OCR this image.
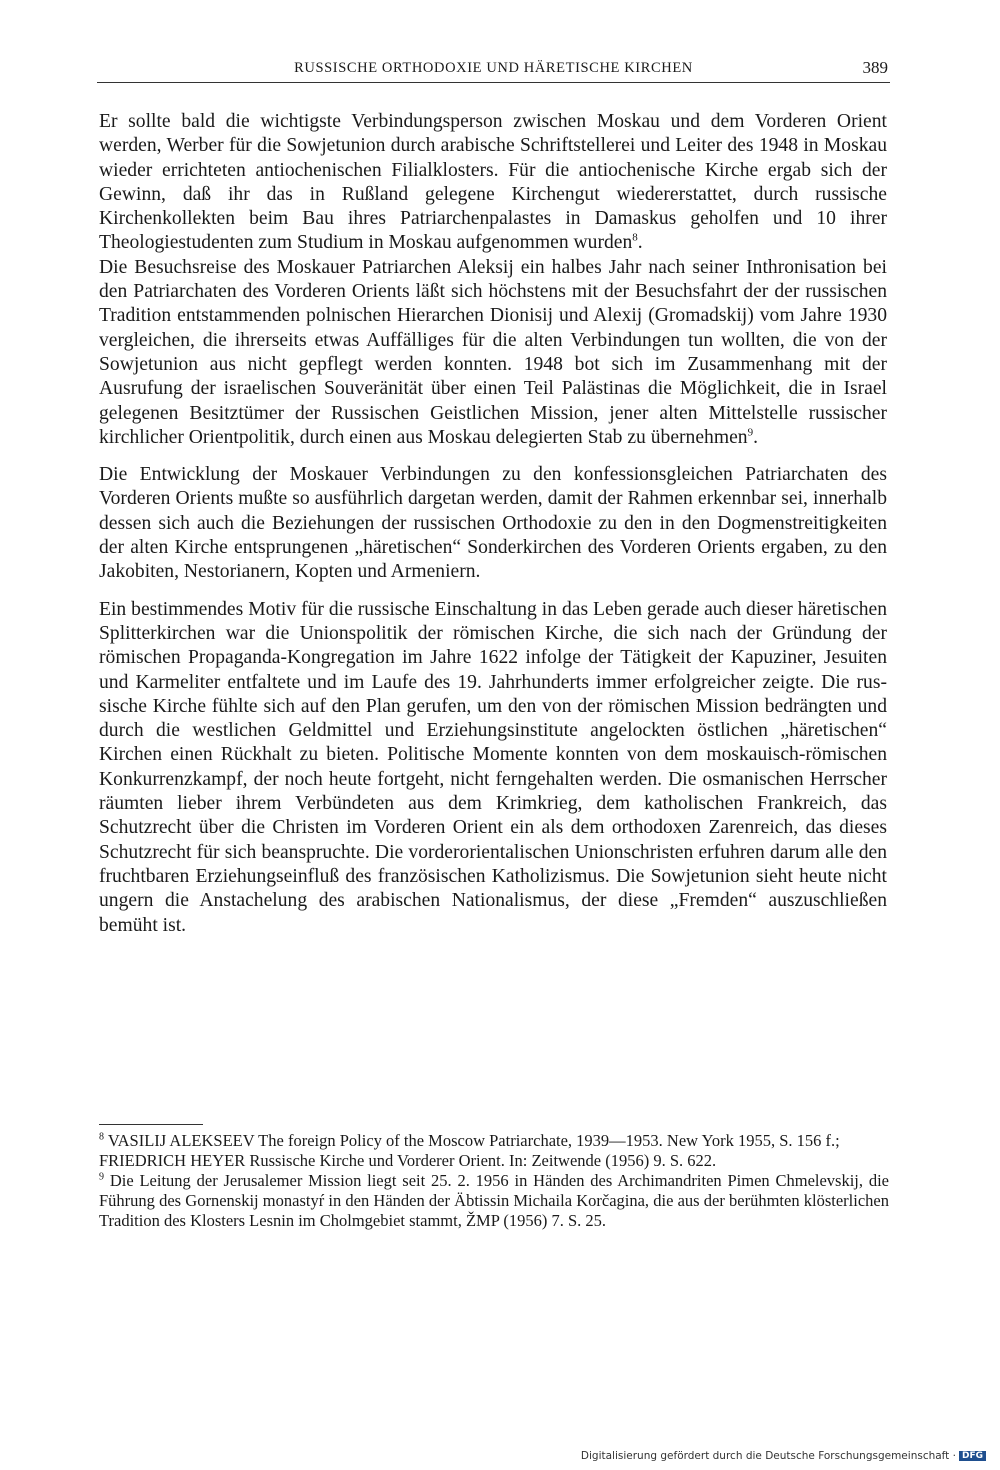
RUSSISCHE ORTHODOXIE UND HÄRETISCHE KIRCHEN	389

Er sollte bald die wichtigste Verbindungsperson zwischen Moskau und dem Vorderen Orient werden, Werber für die Sowjetunion durch arabische Schriftstellerei und Leiter des 1948 in Moskau wieder errichteten antiochenischen Filialklosters. Für die antiochenische Kirche ergab sich der Gewinn, daß ihr das in Rußland gelegene Kirchengut wiedererstattet, durch russische Kirchenkollekten beim Bau ihres Patriarchenpalastes in Damaskus geholfen und 10 ihrer Theologiestudenten zum Studium in Moskau aufgenommen wurden$^8$.

Die Besuchsreise des Moskauer Patriarchen Aleksij ein halbes Jahr nach seiner Inthronisation bei den Patriarchaten des Vorderen Orients läßt sich höchstens mit der Besuchsfahrt der der russischen Tradition entstammenden polnischen Hierarchen Dionisij und Alexij (Gromadskij) vom Jahre 1930 vergleichen, die ihrerseits etwas Auffälliges für die alten Verbindungen tun wollten, die von der Sowjetunion aus nicht gepflegt werden konnten. 1948 bot sich im Zusammenhang mit der Ausrufung der israelischen Souveränität über einen Teil Palästinas die Möglichkeit, die in Israel gelegenen Besitztümer der Russischen Geistlichen Mission, jener alten Mittelstelle russischer kirchlicher Orientpolitik, durch einen aus Moskau delegierten Stab zu übernehmen$^9$.

Die Entwicklung der Moskauer Verbindungen zu den konfessionsgleichen Patriarchaten des Vorderen Orients mußte so ausführlich dargetan werden, damit der Rahmen erkennbar sei, innerhalb dessen sich auch die Beziehungen der russischen Orthodoxie zu den in den Dogmenstreitigkeiten der alten Kirche entsprungenen „häretischen“ Sonderkirchen des Vorderen Orients ergaben, zu den Jakobiten, Nestorianern, Kopten und Armeniern.

Ein bestimmendes Motiv für die russische Einschaltung in das Leben gerade auch dieser häretischen Splitterkirchen war die Unionspolitik der römischen Kirche, die sich nach der Gründung der römischen Propaganda-Kongregation im Jahre 1622 infolge der Tätigkeit der Kapuziner, Jesuiten und Karmeliter entfaltete und im Laufe des 19. Jahrhunderts immer erfolgreicher zeigte. Die russische Kirche fühlte sich auf den Plan gerufen, um den von der römischen Mission bedrängten und durch die westlichen Geldmittel und Erziehungsinstitute angelockten östlichen „häretischen“ Kirchen einen Rückhalt zu bieten. Politische Momente konnten von dem moskauisch-römischen Konkurrenzkampf, der noch heute fortgeht, nicht ferngehalten werden. Die osmanischen Herrscher räumten lieber ihrem Verbündeten aus dem Krimkrieg, dem katholischen Frankreich, das Schutzrecht über die Christen im Vorderen Orient ein als dem orthodoxen Zarenreich, das dieses Schutzrecht für sich beanspruchte. Die vorderorientalischen Unionschristen erfuhren darum alle den fruchtbaren Erziehungseinfluß des französischen Katholizismus. Die Sowjetunion sieht heute nicht ungern die Anstachelung des arabischen Nationalismus, der diese „Fremden“ auszuschließen bemüht ist.

$^8$ VASILIJ ALEKSEEV The foreign Policy of the Moscow Patriarchate, 1939—1953. New York 1955, S. 156 f.;

FRIEDRICH HEYER Russische Kirche und Vorderer Orient. In: Zeitwende (1956) 9. S. 622.

$^9$ Die Leitung der Jerusalemer Mission liegt seit 25. 2. 1956 in Händen des Archimandriten Pimen Chmelevskij, die Führung des Gornenskij monastyŕ in den Händen der Äbtissin Michaila Korčagina, die aus der berühmten klösterlichen Tradition des Klosters Lesnin im Cholmgebiet stammt, ŽMP (1956) 7. S. 25.

Digitalisierung gefördert durch die Deutsche Forschungsgemeinschaft · DFG
